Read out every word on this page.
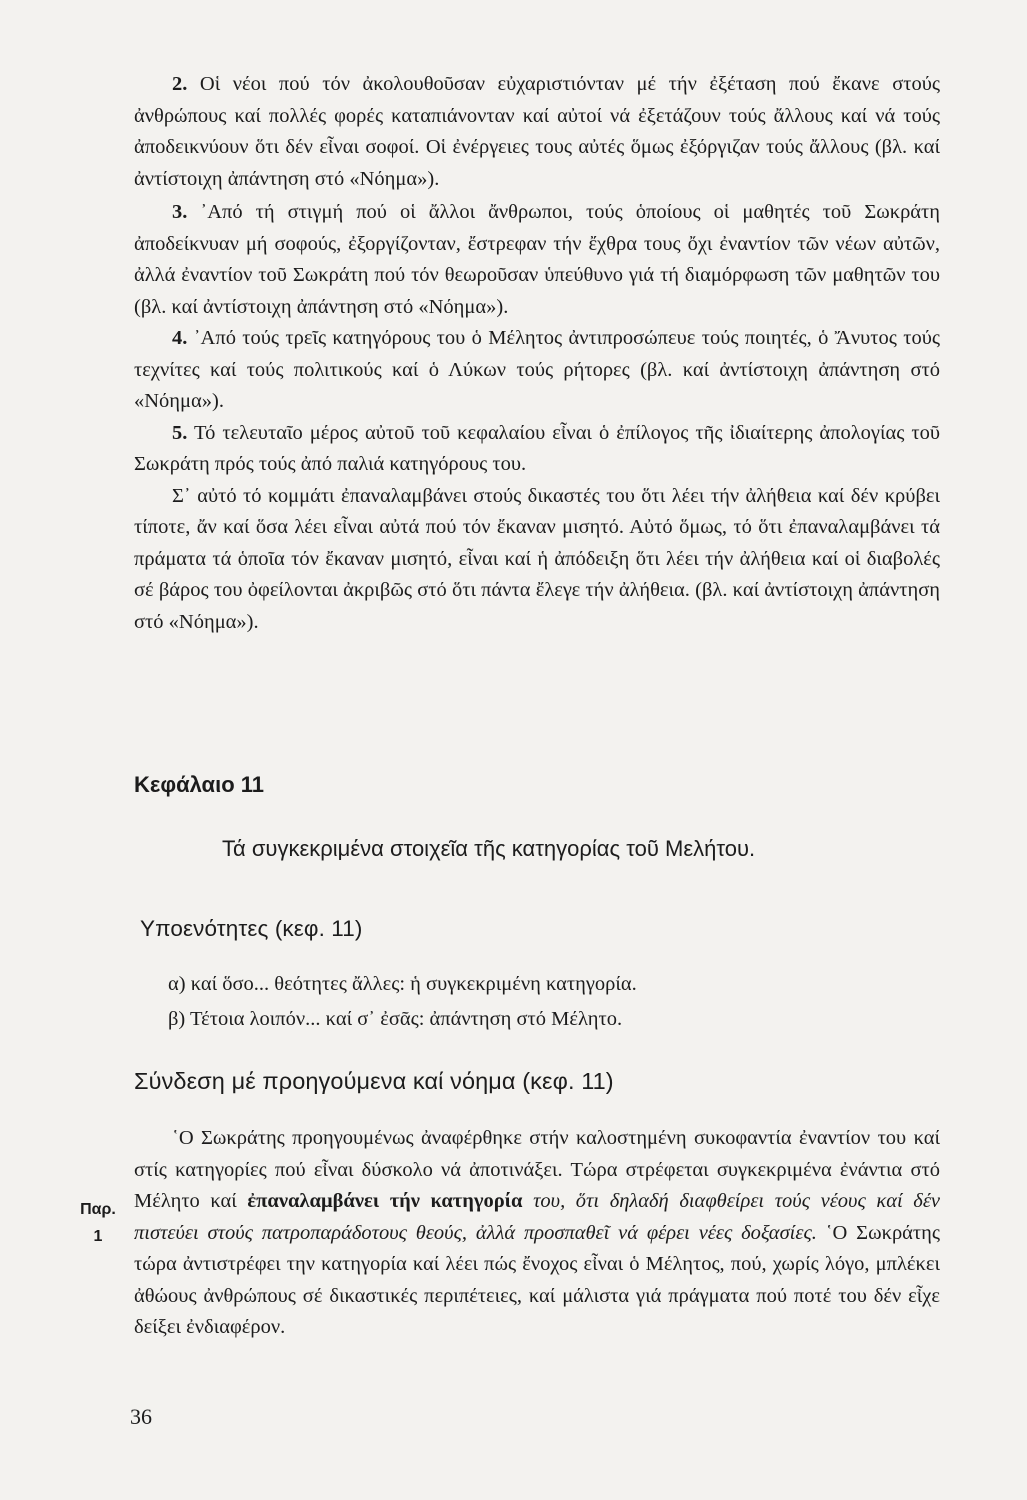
2. Οἱ νέοι πού τόν ἀκολουθοῦσαν εὐχαριστιόνταν μέ τήν ἐξέταση πού ἔκανε στούς ἀνθρώπους καί πολλές φορές καταπιάνονταν καί αὐτοί νά ἐξετάζουν τούς ἄλλους καί νά τούς ἀποδεικνύουν ὅτι δέν εἶναι σοφοί. Οἱ ἐνέργειες τους αὐτές ὅμως ἐξόργιζαν τούς ἄλλους (βλ. καί ἀντίστοιχη ἀπάντηση στό «Νόημα»).

3. ᾽Από τή στιγμή πού οἱ ἄλλοι ἄνθρωποι, τούς ὁποίους οἱ μαθητές τοῦ Σωκράτη ἀποδείκνυαν μή σοφούς, ἐξοργίζονταν, ἔστρεφαν τήν ἔχθρα τους ὄχι ἐναντίον τῶν νέων αὐτῶν, ἀλλά ἐναντίον τοῦ Σωκράτη πού τόν θεωροῦσαν ὑπεύθυνο γιά τή διαμόρφωση τῶν μαθητῶν του (βλ. καί ἀντίστοιχη ἀπάντηση στό «Νόημα»).

4. ᾽Από τούς τρεῖς κατηγόρους του ὁ Μέλητος ἀντιπροσώπευε τούς ποιητές, ὁ Ἄνυτος τούς τεχνίτες καί τούς πολιτικούς καί ὁ Λύκων τούς ρήτορες (βλ. καί ἀντίστοιχη ἀπάντηση στό «Νόημα»).

5. Τό τελευταῖο μέρος αὐτοῦ τοῦ κεφαλαίου εἶναι ὁ ἐπίλογος τῆς ἰδιαίτερης ἀπολογίας τοῦ Σωκράτη πρός τούς ἀπό παλιά κατηγόρους του.

Σ᾽ αὐτό τό κομμάτι ἐπαναλαμβάνει στούς δικαστές του ὅτι λέει τήν ἀλήθεια καί δέν κρύβει τίποτε, ἄν καί ὅσα λέει εἶναι αὐτά πού τόν ἔκαναν μισητό. Αὐτό ὅμως, τό ὅτι ἐπαναλαμβάνει τά πράματα τά ὁποῖα τόν ἔκαναν μισητό, εἶναι καί ἡ ἀπόδειξη ὅτι λέει τήν ἀλήθεια καί οἱ διαβολές σέ βάρος του ὀφείλονται ἀκριβῶς στό ὅτι πάντα ἔλεγε τήν ἀλήθεια. (βλ. καί ἀντίστοιχη ἀπάντηση στό «Νόημα»).

Κεφάλαιο 11

Τά συγκεκριμένα στοιχεῖα τῆς κατηγορίας τοῦ Μελήτου.

Υποενότητες (κεφ. 11)

α) καί ὅσο... θεότητες ἄλλες: ἡ συγκεκριμένη κατηγορία.

β) Τέτοια λοιπόν... καί σ᾽ ἐσᾶς: ἀπάντηση στό Μέλητο.

Σύνδεση μέ προηγούμενα καί νόημα (κεφ. 11)
Παρ.
1

῾Ο Σωκράτης προηγουμένως ἀναφέρθηκε στήν καλοστημένη συκοφαντία ἐναντίον του καί στίς κατηγορίες πού εἶναι δύσκολο νά ἀποτινάξει. Τώρα στρέφεται συγκεκριμένα ἐνάντια στό Μέλητο καί ἐπαναλαμβάνει τήν κατηγορία του, ὅτι δηλαδή διαφθείρει τούς νέους καί δέν πιστεύει στούς πατροπαράδοτους θεούς, ἀλλά προσπαθεῖ νά φέρει νέες δοξασίες. ῾Ο Σωκράτης τώρα ἀντιστρέφει την κατηγορία καί λέει πώς ἔνοχος εἶναι ὁ Μέλητος, πού, χωρίς λόγο, μπλέκει ἀθώους ἀνθρώπους σέ δικαστικές περιπέτειες, καί μάλιστα γιά πράγματα πού ποτέ του δέν εἶχε δείξει ἐνδιαφέρον.

36
